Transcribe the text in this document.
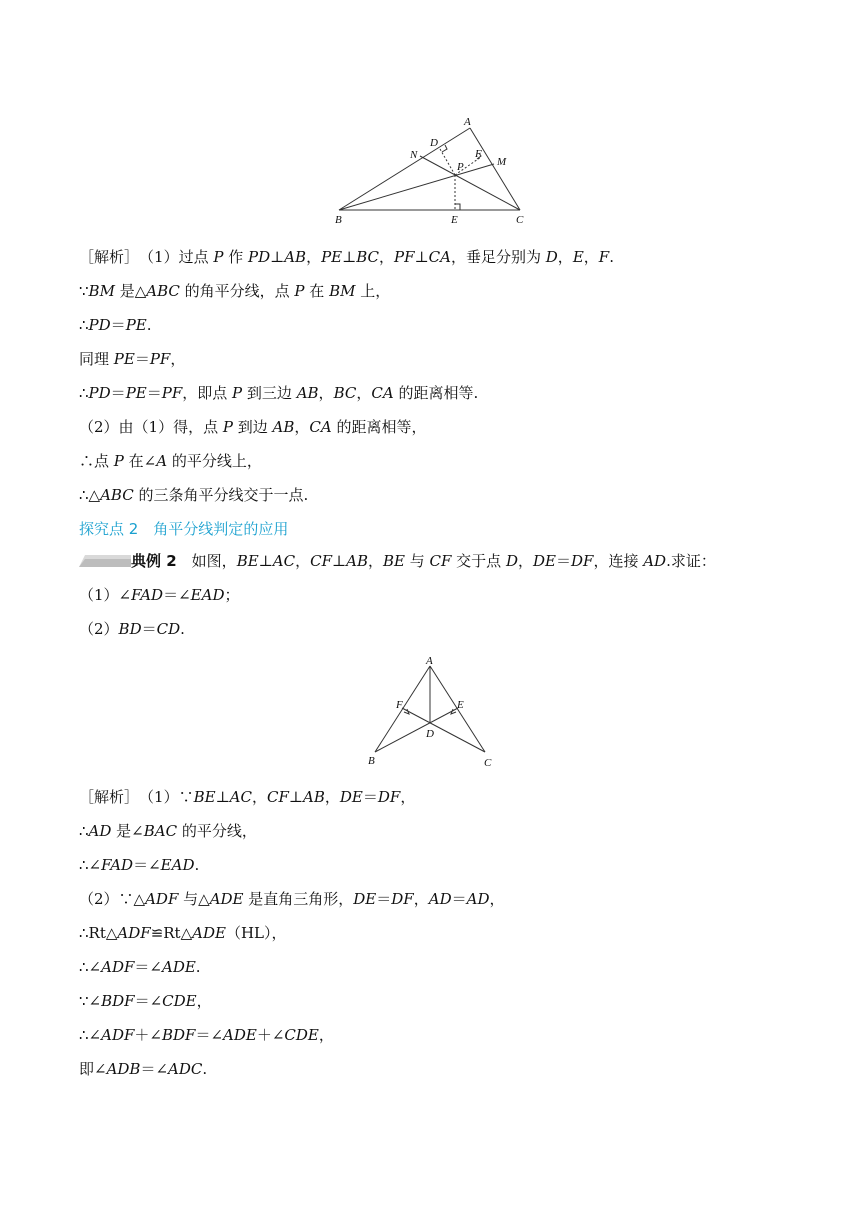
A
B	C
D
E
F
M
N
P
［解析］　 （1）过点 P 作 PD⊥AB，PE⊥BC，PF⊥CA，垂足分别为 D，E，F.
∵BM 是△ABC 的角平分线，点 P 在 BM 上，
∴PD＝PE.
同理 PE＝PF，
∴PD＝PE＝PF，即点 P 到三边 AB，BC，CA 的距离相等.
（2）由（1）得，点 P 到边 AB，CA 的距离相等，
∴点 P 在∠A 的平分线上，
∴△ABC 的三条角平分线交于一点.
探究点 2　角平分线判定的应用
典例 2　如图，BE⊥AC，CF⊥AB，BE 与 CF 交于点 D，DE＝DF，连接 AD.求证：
（1）∠FAD＝∠EAD；
（2）BD＝CD.
A
B	C
D
E
F
［解析］　 （1）∵BE⊥AC，CF⊥AB，DE＝DF，
∴AD 是∠BAC 的平分线，
∴∠FAD＝∠EAD.
（2）∵△ADF 与△ADE 是直角三角形，DE＝DF，AD＝AD，
∴Rt△ADF≌Rt△ADE（HL），
∴∠ADF＝∠ADE.
∵∠BDF＝∠CDE，
∴∠ADF＋∠BDF＝∠ADE＋∠CDE，
即∠ADB＝∠ADC.
